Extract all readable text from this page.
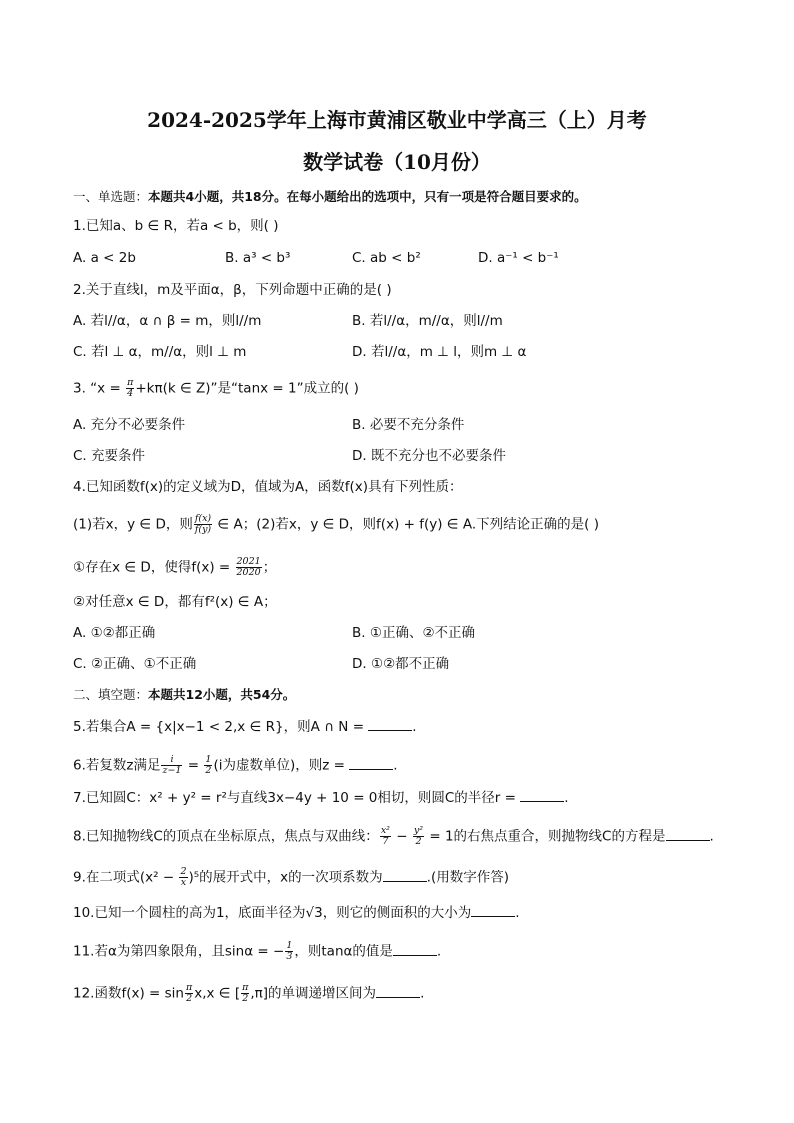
2024-2025学年上海市黄浦区敬业中学高三（上）月考
数学试卷（10月份）
一、单选题：本题共4小题，共18分。在每小题给出的选项中，只有一项是符合题目要求的。
1.已知a、b ∈ R，若a < b，则( )
A. a < 2b	B. a³ < b³	C. ab < b²	D. a⁻¹ < b⁻¹
2.关于直线l，m及平面α，β，下列命题中正确的是( )
A. 若l//α，α ∩ β = m，则l//m	B. 若l//α，m//α，则l//m
C. 若l ⊥ α，m//α，则l ⊥ m	D. 若l//α，m ⊥ l，则m ⊥ α
3. “$x = \frac{\pi}{4} +k\pi(k$ ∈ Z)”是“tanx = 1”成立的( )
A. 充分不必要条件	B. 必要不充分条件
C. 充要条件	D. 既不充分也不必要条件
4.已知函数f(x)的定义域为D，值域为A，函数f(x)具有下列性质：
(1)若x，y ∈ D，则 $\frac{f(x)}{f(y)}$ ∈ A；(2)若x，y ∈ D，则f(x) + f(y) ∈ A.下列结论正确的是( )
①存在x ∈ D，使得$f(x) = \frac{2021}{2020}$ ；
②对任意x ∈ D，都有f²(x) ∈ A；
A. ①②都正确	B. ①正确、②不正确
C. ②正确、①不正确	D. ①②都不正确
二、填空题：本题共12小题，共54分。
5.若集合A = {x|x−1 < 2,x ∈ R}，则A ∩ N =	.
6.若复数z满足 $\frac{i}{z-1} = \frac{1}{2} (i$为虚数单位)，则z =	.
7.已知圆C：x² + y² = r²与直线3x−4y + 10 = 0相切，则圆C的半径r =	.
8.已知抛物线C的顶点在坐标原点，焦点与双曲线： $\frac{\text{x²}}{7} - \frac{\text{y²}}{2} = 1$的右焦点重合，则抛物线C的方程是	.
9.在二项式$(x^2 - \frac{2}{x} )^5$的展开式中，x的一次项系数为	.(用数字作答)
10.已知一个圆柱的高为1，底面半径为√3，则它的侧面积的大小为	.
11.若α为第四象限角，且sinα = − $\frac{1}{3}$ ，则tanα的值是	.
12.函数$f(x) = \sin \frac{\pi}{2} x,x$ ∈ [ $\frac{\pi}{2} ,\pi$]的单调递增区间为	.
